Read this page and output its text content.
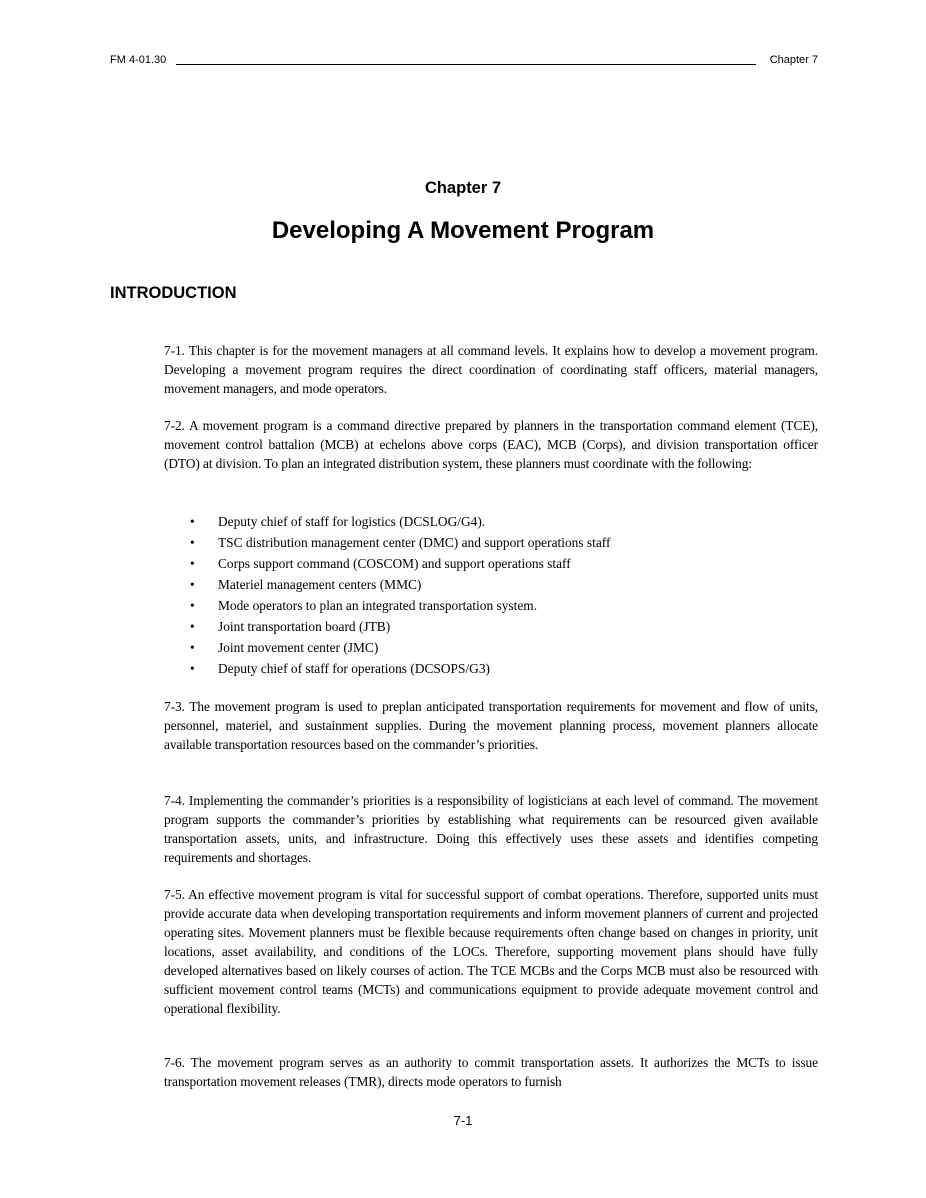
FM 4-01.30	Chapter 7
Chapter 7
Developing A Movement Program
INTRODUCTION

7-1. This chapter is for the movement managers at all command levels. It explains how to develop a movement program. Developing a movement program requires the direct coordination of coordinating staff officers, material managers, movement managers, and mode operators.

7-2. A movement program is a command directive prepared by planners in the transportation command element (TCE), movement control battalion (MCB) at echelons above corps (EAC), MCB (Corps), and division transportation officer (DTO) at division. To plan an integrated distribution system, these planners must coordinate with the following:

•	Deputy chief of staff for logistics (DCSLOG/G4).
•	TSC distribution management center (DMC) and support operations staff
•	Corps support command (COSCOM) and support operations staff
•	Materiel management centers (MMC)
•	Mode operators to plan an integrated transportation system.
•	Joint transportation board (JTB)
•	Joint movement center (JMC)
•	Deputy chief of staff for operations (DCSOPS/G3)

7-3. The movement program is used to preplan anticipated transportation requirements for movement and flow of units, personnel, materiel, and sustainment supplies. During the movement planning process, movement planners allocate available transportation resources based on the commander’s priorities.

7-4. Implementing the commander’s priorities is a responsibility of logisticians at each level of command. The movement program supports the commander’s priorities by establishing what requirements can be resourced given available transportation assets, units, and infrastructure. Doing this effectively uses these assets and identifies competing requirements and shortages.

7-5. An effective movement program is vital for successful support of combat operations. Therefore, supported units must provide accurate data when developing transportation requirements and inform movement planners of current and projected operating sites. Movement planners must be flexible because requirements often change based on changes in priority, unit locations, asset availability, and conditions of the LOCs. Therefore, supporting movement plans should have fully developed alternatives based on likely courses of action. The TCE MCBs and the Corps MCB must also be resourced with sufficient movement control teams (MCTs) and communications equipment to provide adequate movement control and operational flexibility.

7-6. The movement program serves as an authority to commit transportation assets. It authorizes the MCTs to issue transportation movement releases (TMR), directs mode operators to furnish

7-1
